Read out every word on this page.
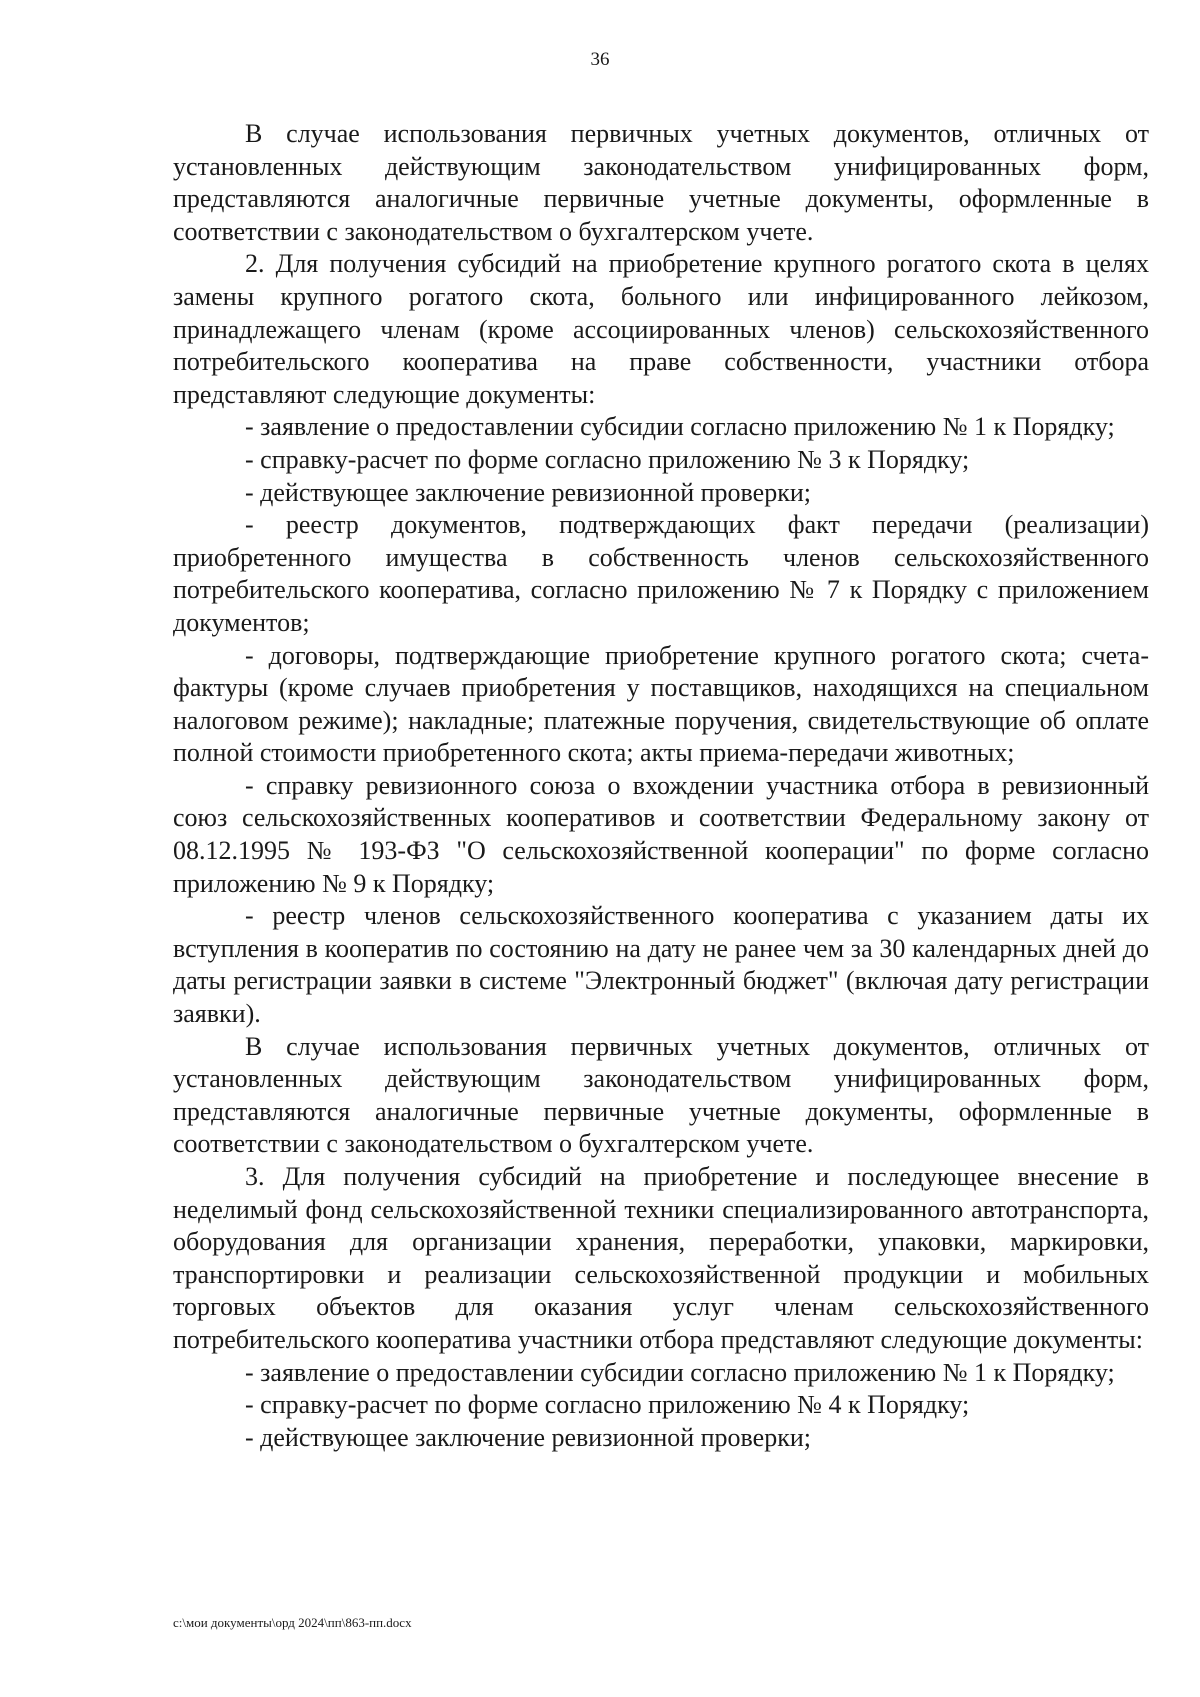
36

В случае использования первичных учетных документов, отличных от установленных действующим законодательством унифицированных форм, представляются аналогичные первичные учетные документы, оформленные в соответствии с законодательством о бухгалтерском учете.

2. Для получения субсидий на приобретение крупного рогатого скота в целях замены крупного рогатого скота, больного или инфицированного лейкозом, принадлежащего членам (кроме ассоциированных членов) сельскохозяйственного потребительского кооператива на праве собственности, участники отбора представляют следующие документы:

- заявление о предоставлении субсидии согласно приложению № 1 к Порядку;

- справку-расчет по форме согласно приложению № 3 к Порядку;

- действующее заключение ревизионной проверки;

- реестр документов, подтверждающих факт передачи (реализации) приобретенного имущества в собственность членов сельскохозяйственного потребительского кооператива, согласно приложению № 7 к Порядку с приложением документов;

- договоры, подтверждающие приобретение крупного рогатого скота; счета-фактуры (кроме случаев приобретения у поставщиков, находящихся на специальном налоговом режиме); накладные; платежные поручения, свидетельствующие об оплате полной стоимости приобретенного скота; акты приема-передачи животных;

- справку ревизионного союза о вхождении участника отбора в ревизионный союз сельскохозяйственных кооперативов и соответствии Федеральному закону от 08.12.1995 № 193-ФЗ "О сельскохозяйственной кооперации" по форме согласно приложению № 9 к Порядку;

- реестр членов сельскохозяйственного кооператива с указанием даты их вступления в кооператив по состоянию на дату не ранее чем за 30 календарных дней до даты регистрации заявки в системе "Электронный бюджет" (включая дату регистрации заявки).

В случае использования первичных учетных документов, отличных от установленных действующим законодательством унифицированных форм, представляются аналогичные первичные учетные документы, оформленные в соответствии с законодательством о бухгалтерском учете.

3. Для получения субсидий на приобретение и последующее внесение в неделимый фонд сельскохозяйственной техники специализированного автотранспорта, оборудования для организации хранения, переработки, упаковки, маркировки, транспортировки и реализации сельскохозяйственной продукции и мобильных торговых объектов для оказания услуг членам сельскохозяйственного потребительского кооператива участники отбора представляют следующие документы:

- заявление о предоставлении субсидии согласно приложению № 1 к Порядку;

- справку-расчет по форме согласно приложению № 4 к Порядку;

- действующее заключение ревизионной проверки;

c:\мои документы\орд 2024\пп\863-пп.docx
